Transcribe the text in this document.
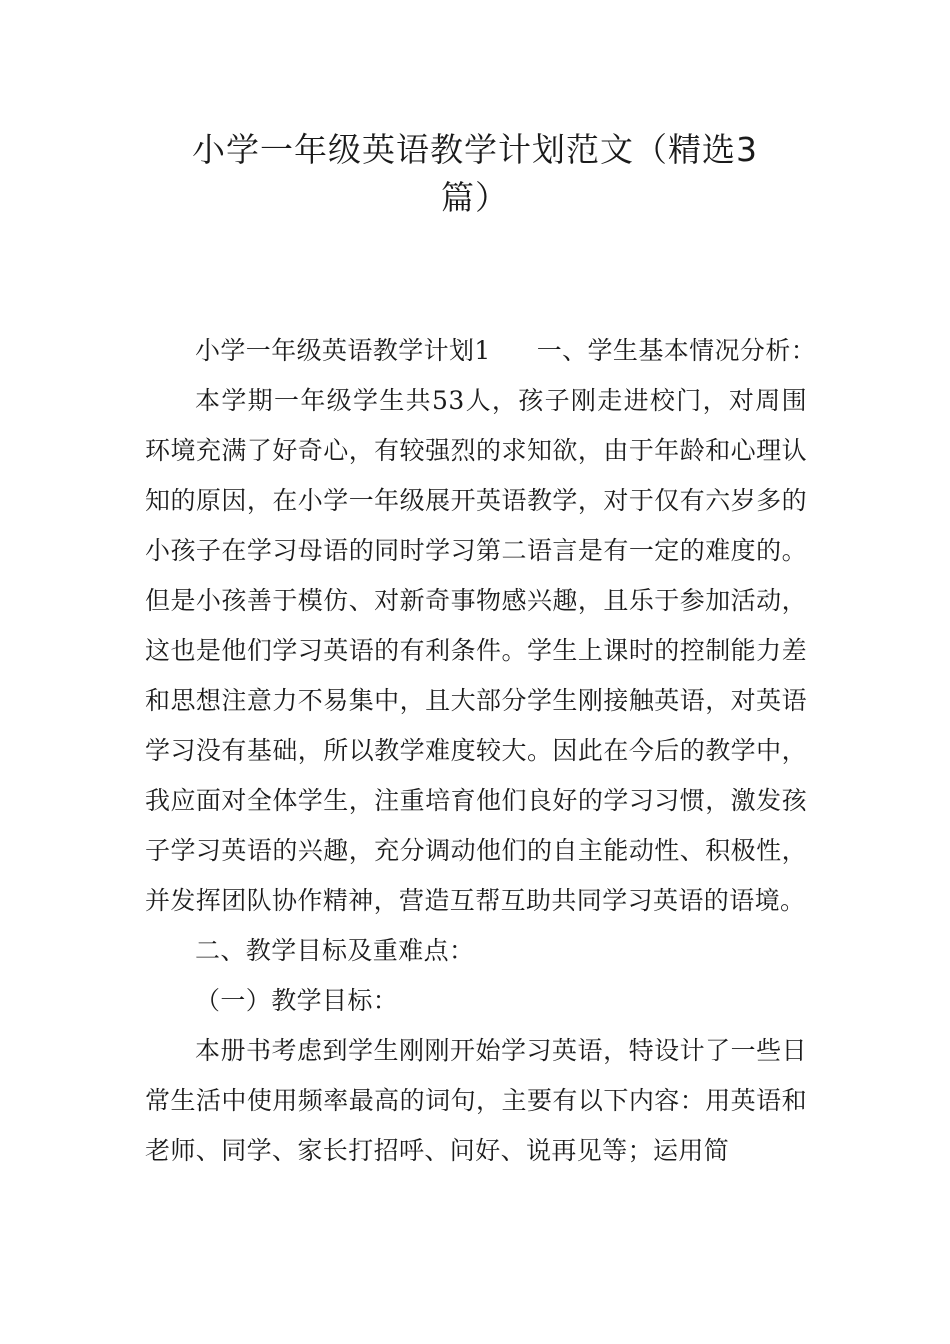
小学一年级英语教学计划范文（精选3
篇）

小学一年级英语教学计划1 一、学生基本情况分析：

本学期一年级学生共53人，孩子刚走进校门，对周围环境充满了好奇心，有较强烈的求知欲，由于年龄和心理认知的原因，在小学一年级展开英语教学，对于仅有六岁多的小孩子在学习母语的同时学习第二语言是有一定的难度的。但是小孩善于模仿、对新奇事物感兴趣，且乐于参加活动，这也是他们学习英语的有利条件。学生上课时的控制能力差和思想注意力不易集中，且大部分学生刚接触英语，对英语学习没有基础，所以教学难度较大。因此在今后的教学中，我应面对全体学生，注重培育他们良好的学习习惯，激发孩子学习英语的兴趣，充分调动他们的自主能动性、积极性，并发挥团队协作精神，营造互帮互助共同学习英语的语境。

二、教学目标及重难点：

（一）教学目标：

本册书考虑到学生刚刚开始学习英语，特设计了一些日常生活中使用频率最高的词句，主要有以下内容：用英语和老师、同学、家长打招呼、问好、说再见等；运用简
